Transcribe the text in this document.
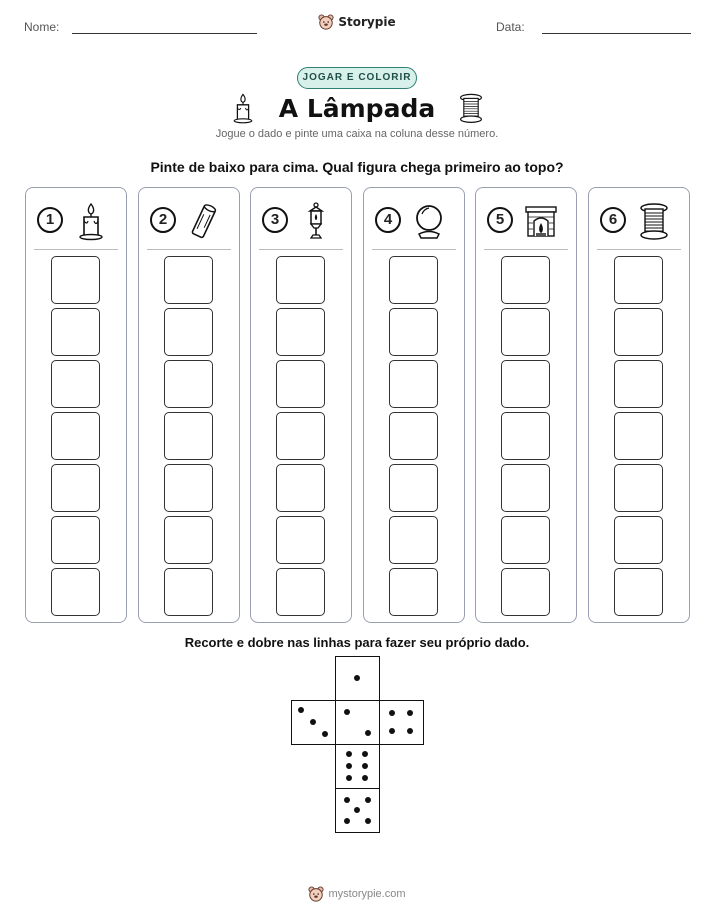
Nome:	Storypie	Data:
JOGAR E COLORIR
A Lâmpada
Jogue o dado e pinte uma caixa na coluna desse número.
Pinte de baixo para cima. Qual figura chega primeiro ao topo?
1	2	3	4	5	6
Recorte e dobre nas linhas para fazer seu próprio dado.
mystorypie.com
